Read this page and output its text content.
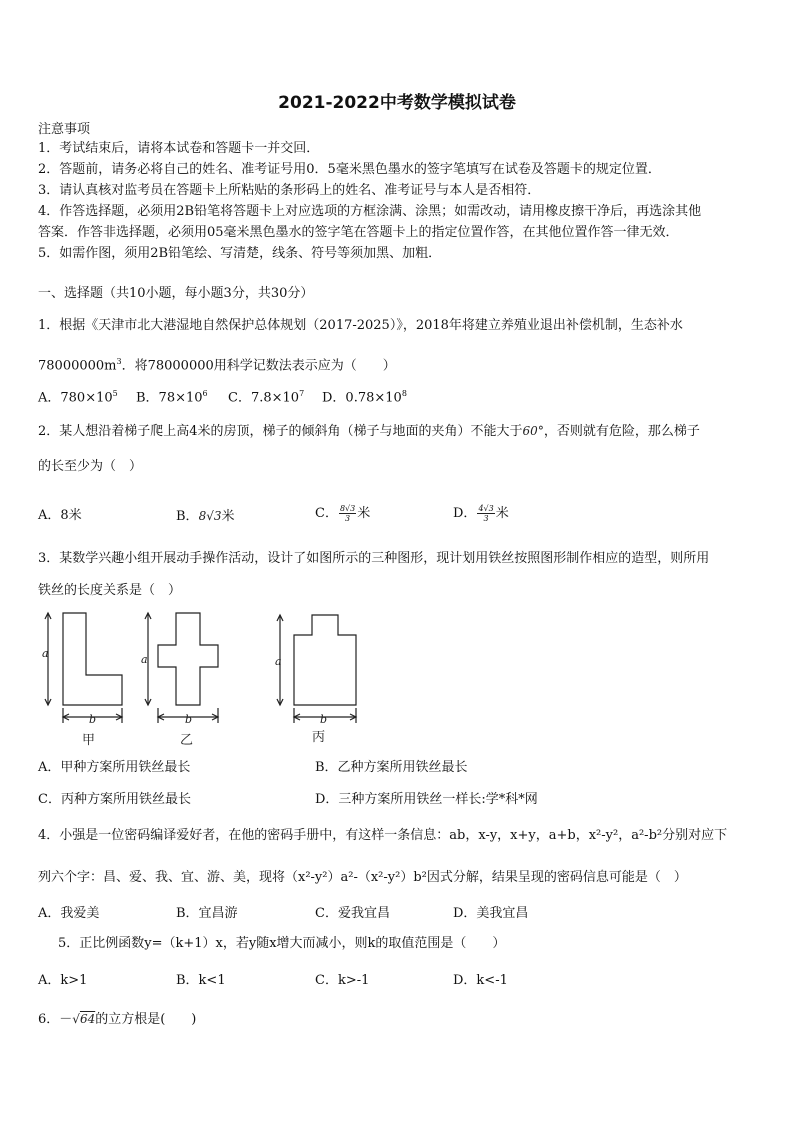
2021-2022中考数学模拟试卷
注意事项
1．考试结束后，请将本试卷和答题卡一并交回．
2．答题前，请务必将自己的姓名、准考证号用0．5毫米黑色墨水的签字笔填写在试卷及答题卡的规定位置．
3．请认真核对监考员在答题卡上所粘贴的条形码上的姓名、准考证号与本人是否相符．
4．作答选择题，必须用2B铅笔将答题卡上对应选项的方框涂满、涂黑；如需改动，请用橡皮擦干净后，再选涂其他
答案．作答非选择题，必须用05毫米黑色墨水的签字笔在答题卡上的指定位置作答，在其他位置作答一律无效．
5．如需作图，须用2B铅笔绘、写清楚，线条、符号等须加黑、加粗．
一、选择题（共10小题，每小题3分，共30分）
1．根据《天津市北大港湿地自然保护总体规划（2017-2025）》，2018年将建立养殖业退出补偿机制，生态补水
$78000000m^3$．将78000000用科学记数法表示应为（　　）
A．$780\times 10^5$ B．$78\times 10^6$ C．$7.8\times 10^7$ D．$0.78\times 10^8$
2．某人想沿着梯子爬上高4米的房顶，梯子的倾斜角（梯子与地面的夹角）不能大于60°，否则就有危险，那么梯子
的长至少为（　）
A．8米	B．8√3米	C． $\frac{8√3}{3}$ 米	D． $\frac{4√3}{3}$ 米
3．某数学兴趣小组开展动手操作活动，设计了如图所示的三种图形，现计划用铁丝按照图形制作相应的造型，则所用
铁丝的长度关系是（　）
a
b
a
b
a
b
甲	乙	丙
A．甲种方案所用铁丝最长	B．乙种方案所用铁丝最长
C．丙种方案所用铁丝最长	D．三种方案所用铁丝一样长:学*科*网
4．小强是一位密码编译爱好者，在他的密码手册中，有这样一条信息：ab，x-y，x+y，a+b，x²-y²，a²-b²分别对应下
列六个字：昌、爱、我、宜、游、美，现将（x²-y²）a²-（x²-y²）b²因式分解，结果呈现的密码信息可能是（　）
A．我爱美	B．宜昌游	C．爱我宜昌	D．美我宜昌
5．正比例函数y=（k+1）x，若y随x增大而减小，则k的取值范围是（　　）
A．k>1	B．k<1	C．k>-1	D．k<-1
6．－√64的立方根是(　　)
